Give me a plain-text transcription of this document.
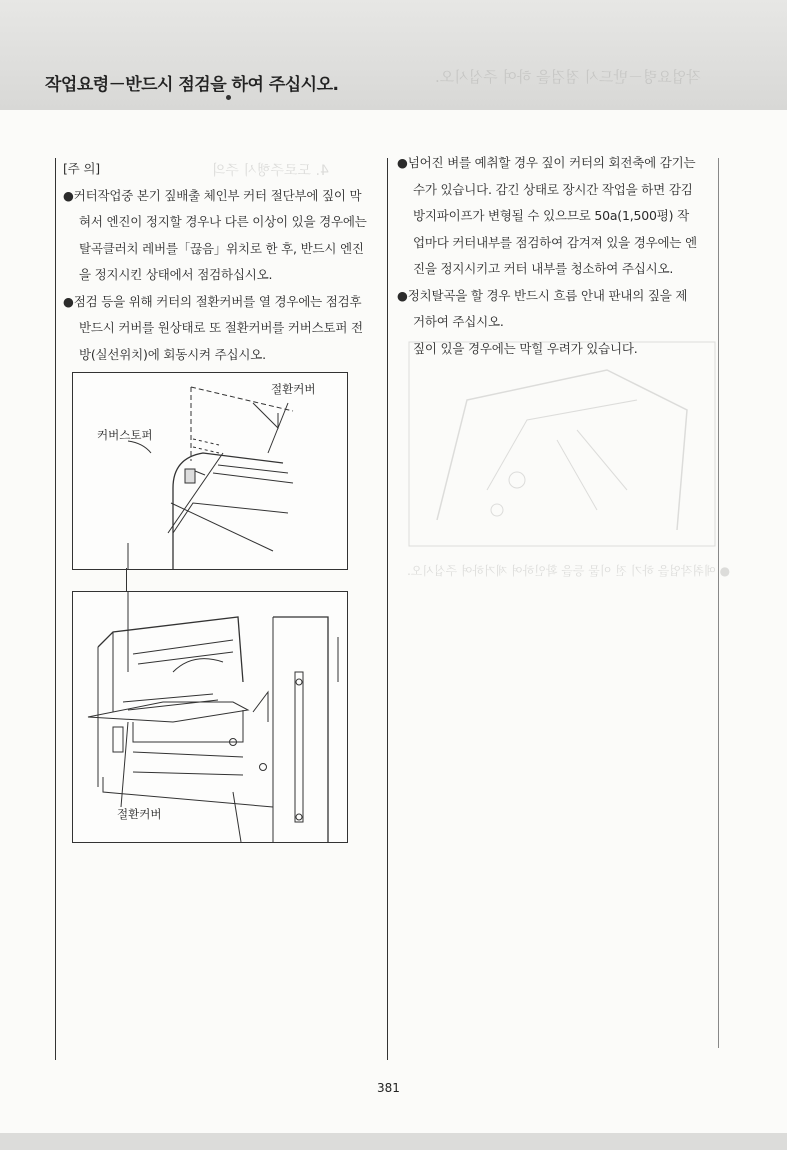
작업요령－반드시 점검을 하여 주십시오.	작업요령－반드시 점검을 하여 주십시오.
4. 도로주행시 주의

[주 의]

●커터작업중 본기 짚배출 체인부 커터 절단부에 짚이 막혀서 엔진이 정지할 경우나 다른 이상이 있을 경우에는 탈곡클러치 레버를「끊음」위치로 한 후, 반드시 엔진을 정지시킨 상태에서 점검하십시오.

●점검 등을 위해 커터의 절환커버를 열 경우에는 점검후 반드시 커버를 원상태로 또 절환커버를 커버스토퍼 전방(실선위치)에 회동시켜 주십시오.

●넘어진 벼를 예취할 경우 짚이 커터의 회전축에 감기는 수가 있습니다. 감긴 상태로 장시간 작업을 하면 감김방지파이프가 변형될 수 있으므로 50a(1,500평) 작업마다 커터내부를 점검하여 감겨져 있을 경우에는 엔진을 정지시키고 커터 내부를 청소하여 주십시오.

●정치탈곡을 할 경우 반드시 흐름 안내 판내의 짚을 제거하여 주십시오.

짚이 있을 경우에는 막힐 우려가 있습니다.

● 예취작업을 하기 전 이물 등을 확인하여 제거하여 주십시오.
절환커버
커버스토퍼
절환커버
381
